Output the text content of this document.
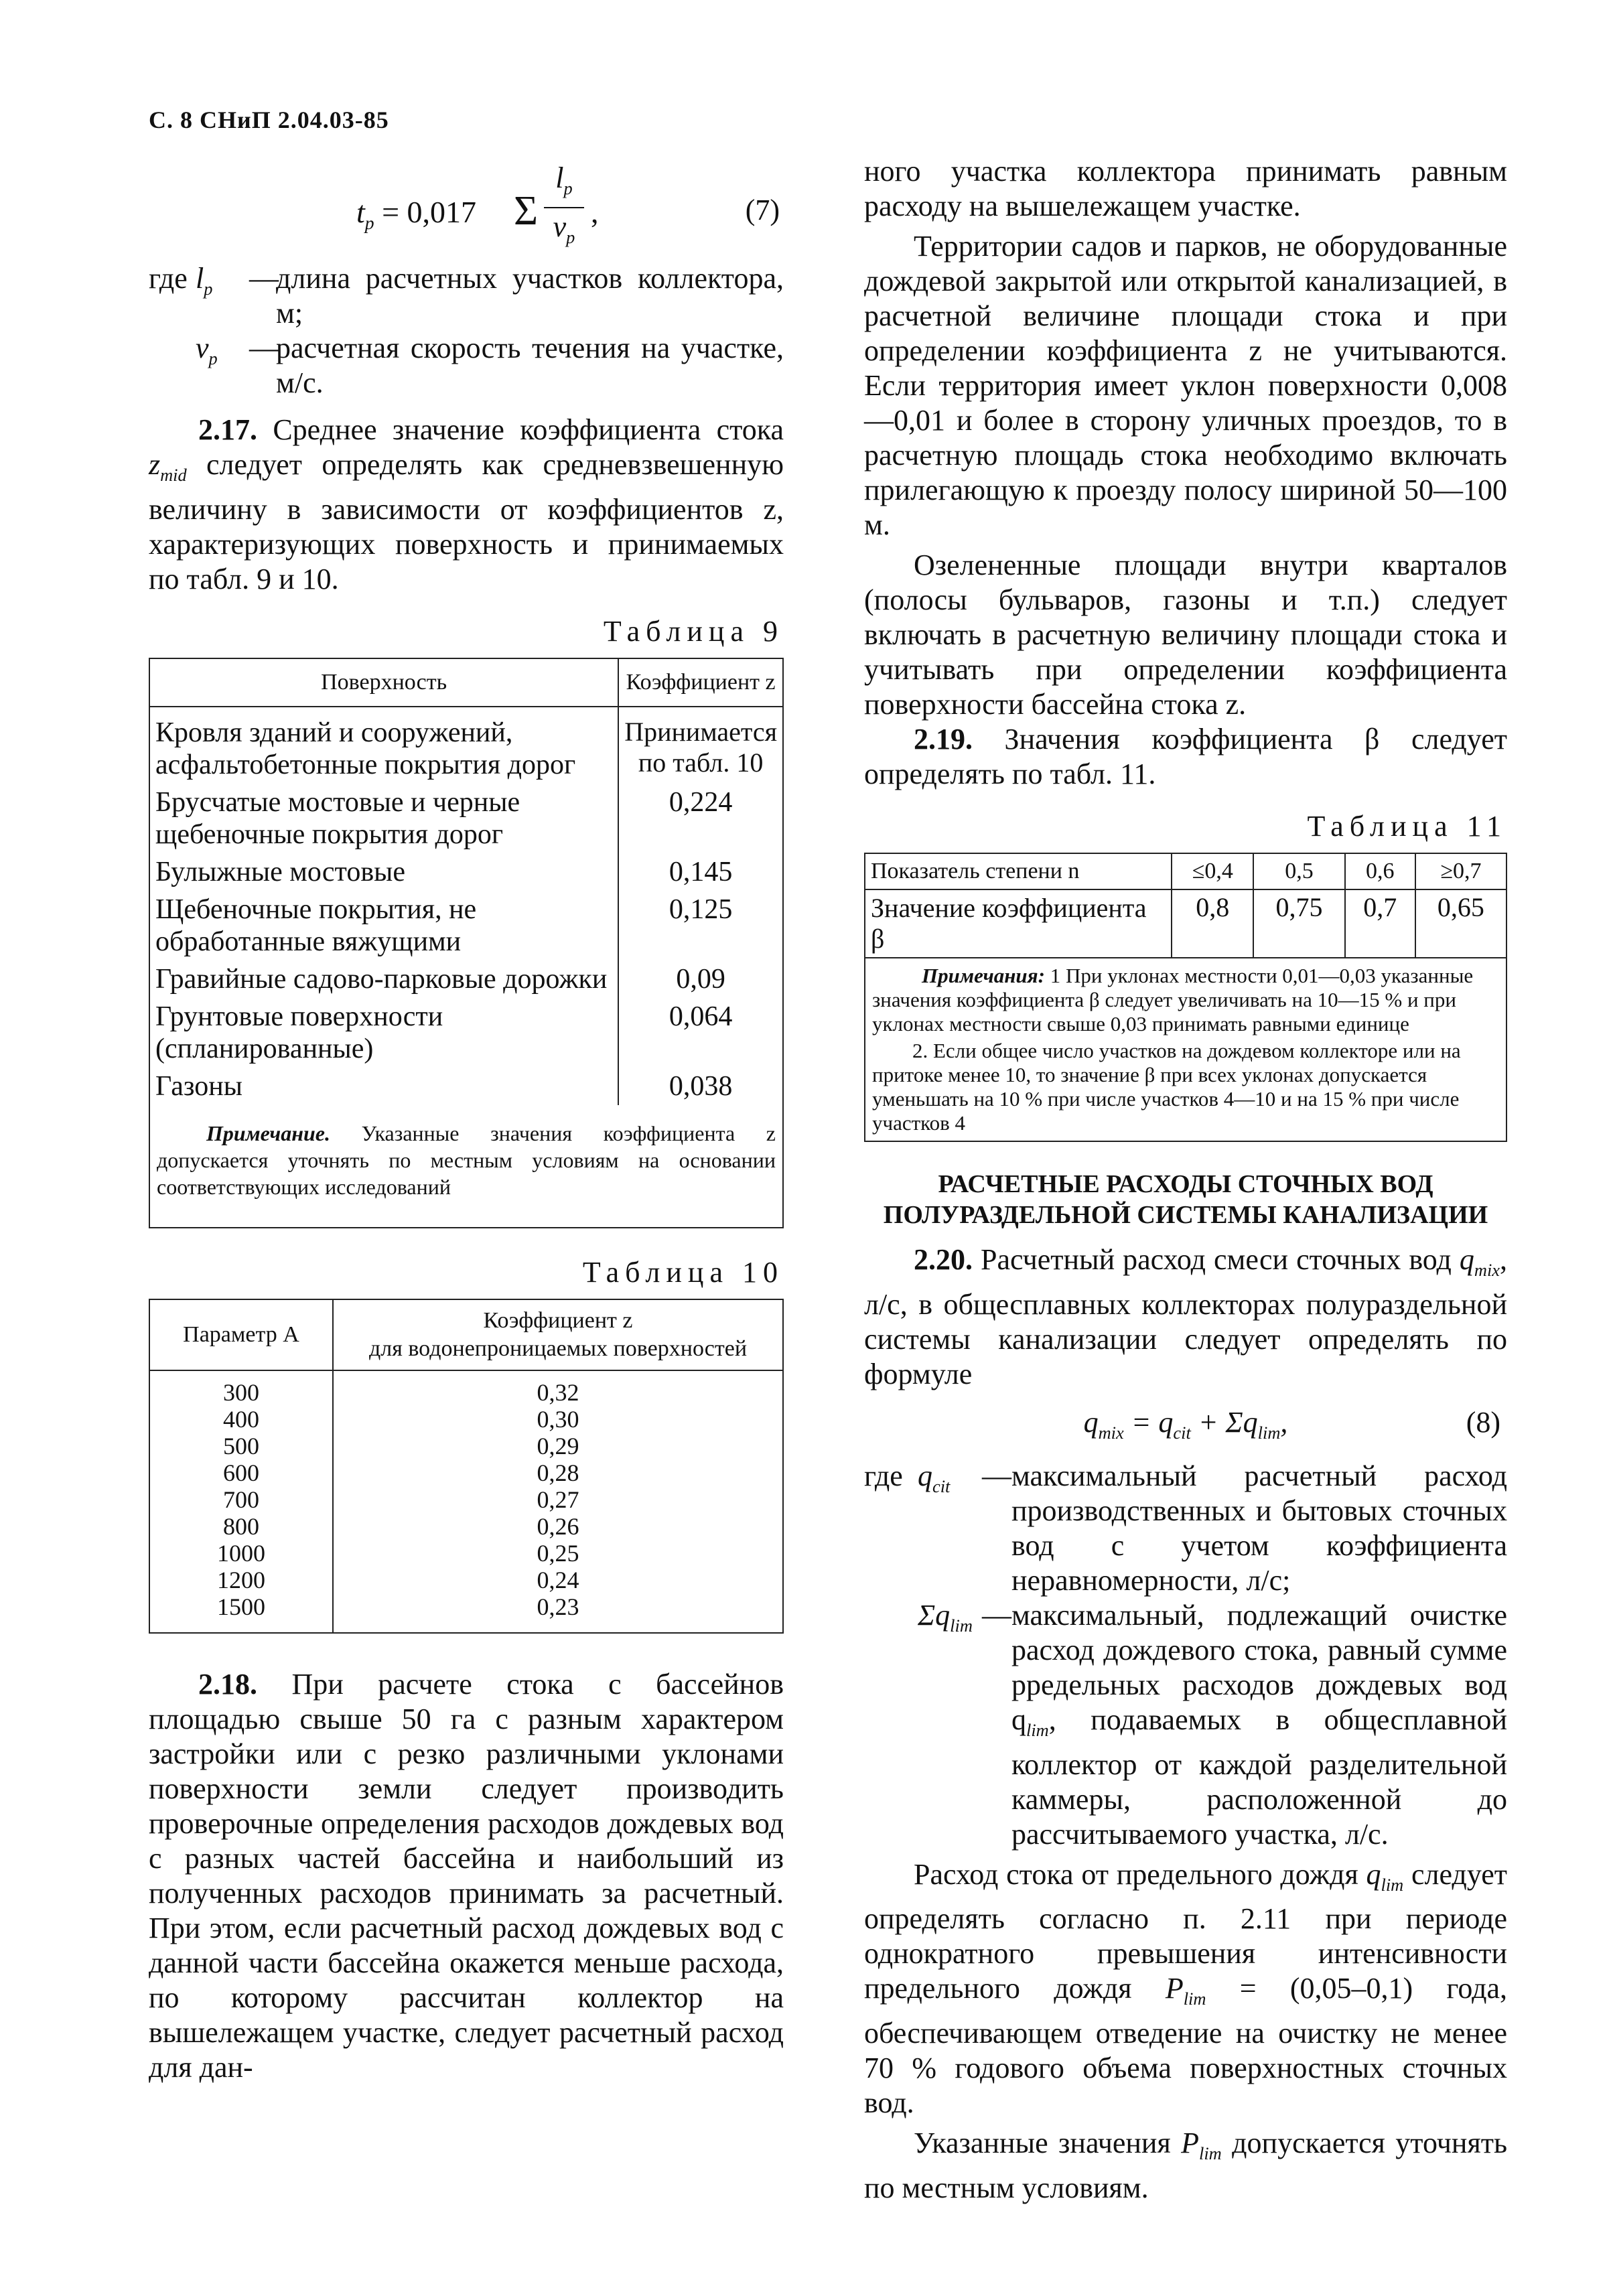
С. 8 СНиП 2.04.03-85
$t_p = 0,017$ Σ
$l_p$
$v_p$
,	(7)
где $l_p$	—
длина расчетных участков коллектора, м;
$v_p$	—
расчетная скорость течения на участке, м/с.

2.17. Среднее значение коэффициента стока $z_{mid}$ следует определять как средневзвешенную величину в зависимости от коэффициентов z, характеризующих поверхность и принимаемых по табл. 9 и 10.

Таблица 9
Поверхность	Коэффициент z
Кровля зданий и сооружений, асфальтобетонные покрытия дорог	Принимается по табл. 10
Брусчатые мостовые и черные щебеночные покрытия дорог	0,224
Булыжные мостовые	0,145
Щебеночные покрытия, не обработанные вяжущими	0,125
Гравийные садово-парковые дорожки	0,09
Грунтовые поверхности (спланированные)	0,064
Газоны	0,038
Примечание. Указанные значения коэффициента z допускается уточнять по местным условиям на основании соответствующих исследований	
Таблица 10
Параметр A	Коэффициент z
для водонепроницаемых поверхностей

300	0,32
400	0,30
500	0,29
600	0,28
700	0,27
800	0,26
1000	0,25
1200	0,24
1500	0,23

2.18. При расчете стока с бассейнов площадью свыше 50 га с разным характером застройки или с резко различными уклонами поверхности земли следует производить проверочные определения расходов дождевых вод с разных частей бассейна и наибольший из полученных расходов принимать за расчетный. При этом, если расчетный расход дождевых вод с данной части бассейна окажется меньше расхода, по которому рассчитан коллектор на вышележащем участке, следует расчетный расход для дан-

ного участка коллектора принимать равным расходу на вышележащем участке.

Территории садов и парков, не оборудованные дождевой закрытой или открытой канализацией, в расчетной величине площади стока и при определении коэффициента z не учитываются. Если территория имеет уклон поверхности 0,008—0,01 и более в сторону уличных проездов, то в расчетную площадь стока необходимо включать прилегающую к проезду полосу шириной 50—100 м.

Озелененные площади внутри кварталов (полосы бульваров, газоны и т.п.) следует включать в расчетную величину площади стока и учитывать при определении коэффициента поверхности бассейна стока z.

2.19. Значения коэффициента β следует определять по табл. 11.

Таблица 11
Показатель степени n	≤0,4	0,5	0,6	≥0,7
Значение коэффициента β	0,8	0,75	0,7	0,65

Примечания: 1 При уклонах местности 0,01—0,03 указанные значения коэффициента β следует увеличивать на 10—15 % и при уклонах местности свыше 0,03 принимать равными единице
2. Если общее число участков на дождевом коллекторе или на притоке менее 10, то значение β при всех уклонах допускается уменьшать на 10 % при числе участков 4—10 и на 15 % при числе участков 4				
РАСЧЕТНЫЕ РАСХОДЫ СТОЧНЫХ ВОД
ПОЛУРАЗДЕЛЬНОЙ СИСТЕМЫ КАНАЛИЗАЦИИ

2.20. Расчетный расход смеси сточных вод $q_{mix}$, л/с, в общесплавных коллекторах полураздельной системы канализации следует определять по формуле

$q_{mix} = q_{cit} + \Sigma q_{lim}$,	(8)
где $q_{cit}$	— максимальный расчетный расход производственных и бытовых сточных вод с учетом коэффициента неравномерности, л/с;
$\Sigma q_{lim}$ — максимальный, подлежащий очистке расход дождевого стока, равный сумме pредельных расходов дождевых вод $q_{lim}$, подаваемых в общесплавной коллектор от каждой разделительной каммеры, расположенной до рассчитываемого участка, л/с.

Расход стока от предельного дождя $q_{lim}$ следует определять согласно п. 2.11 при периоде однократного превышения интенсивности предельного дождя $P_{lim} = (0,05-0,1)$ года, обеспечивающем отведение на очистку не менее 70 % годового объема поверхностных сточных вод.

Указанные значения $P_{lim}$ допускается уточнять по местным условиям.
